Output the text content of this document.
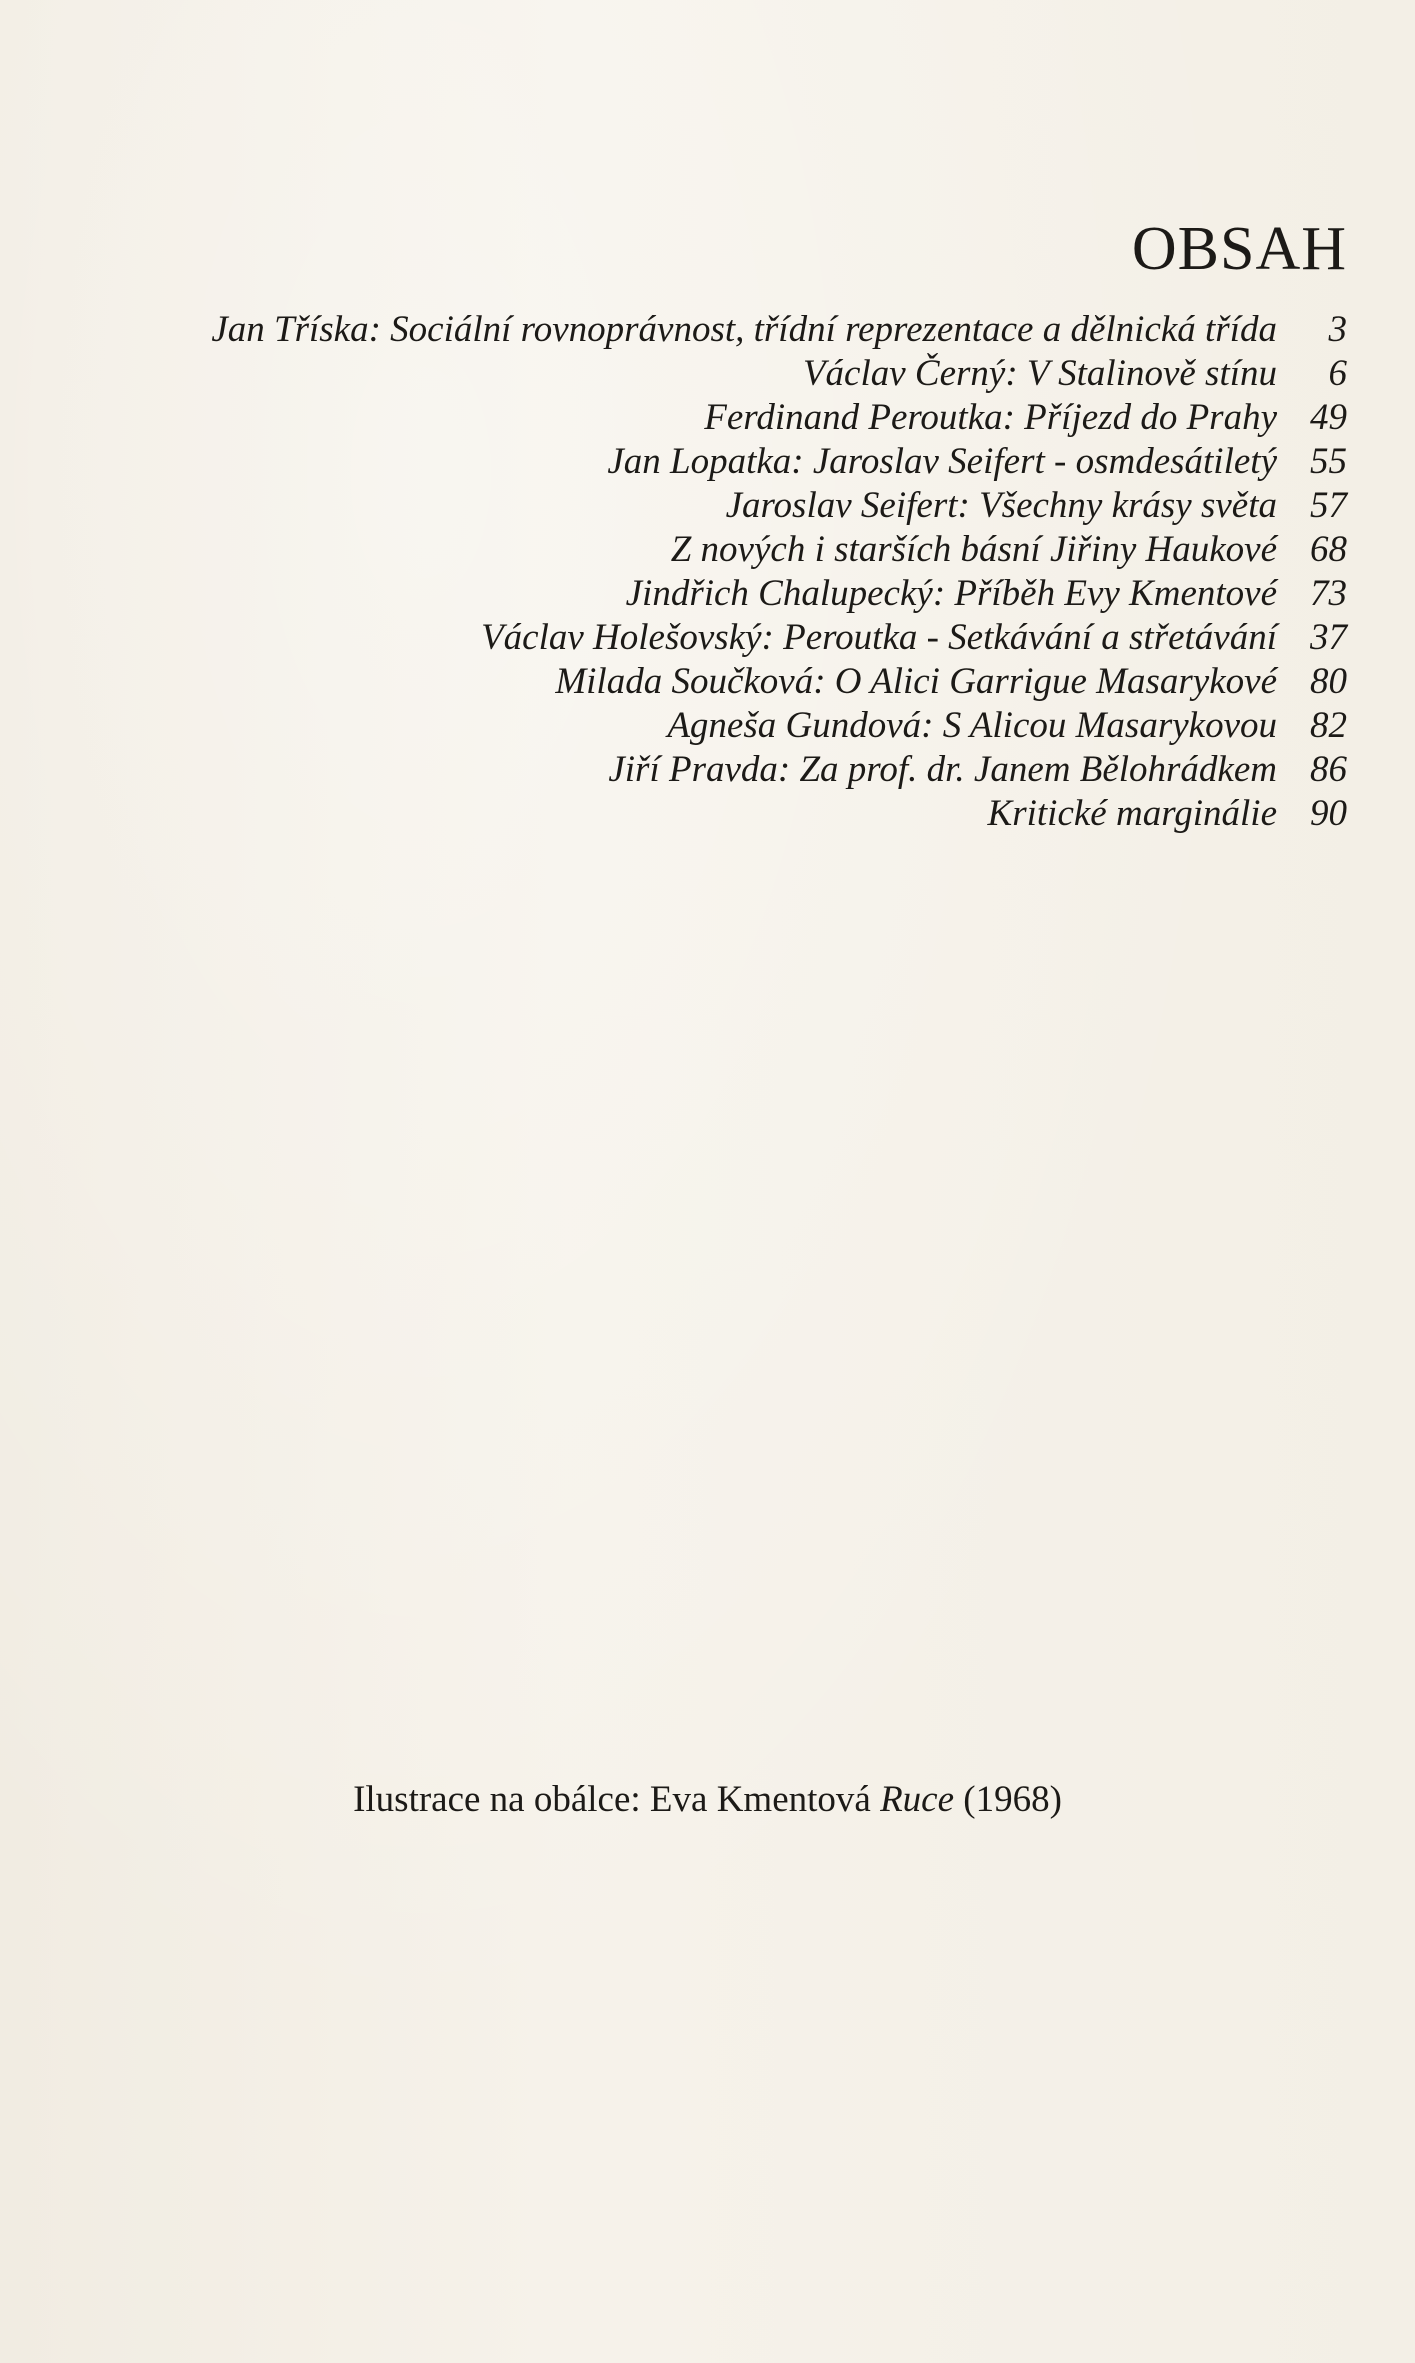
OBSAH
Jan Tříska: Sociální rovnoprávnost, třídní reprezentace a dělnická třída	3
Václav Černý: V Stalinově stínu	6
Ferdinand Peroutka: Příjezd do Prahy 49
Jan Lopatka: Jaroslav Seifert - osmdesátiletý 55
Jaroslav Seifert: Všechny krásy světa 57
Z nových i starších básní Jiřiny Haukové 68
Jindřich Chalupecký: Příběh Evy Kmentové 73
Václav Holešovský: Peroutka - Setkávání a střetávání 37
Milada Součková: O Alici Garrigue Masarykové 80
Agneša Gundová: S Alicou Masarykovou 82
Jiří Pravda: Za prof. dr. Janem Bělohrádkem 86
Kritické marginálie 90
Ilustrace na obálce: Eva Kmentová Ruce (1968)
